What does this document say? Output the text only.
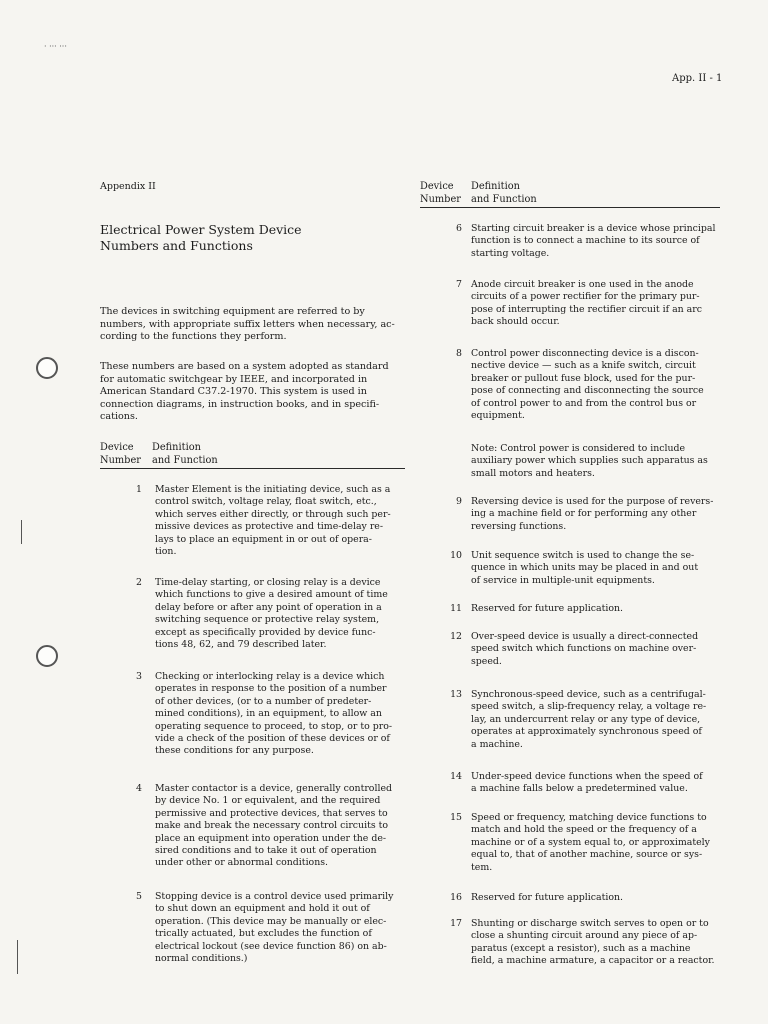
· ··· ···
App. II - 1
Appendix II
Electrical Power System Device
Numbers and Functions
The devices in switching equipment are referred to by
numbers, with appropriate suffix letters when necessary, ac-
cording to the functions they perform.
These numbers are based on a system adopted as standard
for automatic switchgear by IEEE, and incorporated in
American Standard C37.2-1970. This system is used in
connection diagrams, in instruction books, and in specifi-
cations.
Device Definition
Number and Function
Device Definition
Number and Function
1 Master Element is the initiating device, such as a
control switch, voltage relay, float switch, etc.,
which serves either directly, or through such per-
missive devices as protective and time-delay re-
lays to place an equipment in or out of opera-
tion.
2 Time-delay starting, or closing relay is a device
which functions to give a desired amount of time
delay before or after any point of operation in a
switching sequence or protective relay system,
except as specifically provided by device func-
tions 48, 62, and 79 described later.
3 Checking or interlocking relay is a device which
operates in response to the position of a number
of other devices, (or to a number of predeter-
mined conditions), in an equipment, to allow an
operating sequence to proceed, to stop, or to pro-
vide a check of the position of these devices or of
these conditions for any purpose.
4 Master contactor is a device, generally controlled
by device No. 1 or equivalent, and the required
permissive and protective devices, that serves to
make and break the necessary control circuits to
place an equipment into operation under the de-
sired conditions and to take it out of operation
under other or abnormal conditions.
5 Stopping device is a control device used primarily
to shut down an equipment and hold it out of
operation. (This device may be manually or elec-
trically actuated, but excludes the function of
electrical lockout (see device function 86) on ab-
normal conditions.)
6 Starting circuit breaker is a device whose principal
function is to connect a machine to its source of
starting voltage.
7 Anode circuit breaker is one used in the anode
circuits of a power rectifier for the primary pur-
pose of interrupting the rectifier circuit if an arc
back should occur.
8 Control power disconnecting device is a discon-
nective device — such as a knife switch, circuit
breaker or pullout fuse block, used for the pur-
pose of connecting and disconnecting the source
of control power to and from the control bus or
equipment.
Note: Control power is considered to include
auxiliary power which supplies such apparatus as
small motors and heaters.
9 Reversing device is used for the purpose of revers-
ing a machine field or for performing any other
reversing functions.
10 Unit sequence switch is used to change the se-
quence in which units may be placed in and out
of service in multiple-unit equipments.
11 Reserved for future application.
12 Over-speed device is usually a direct-connected
speed switch which functions on machine over-
speed.
13 Synchronous-speed device, such as a centrifugal-
speed switch, a slip-frequency relay, a voltage re-
lay, an undercurrent relay or any type of device,
operates at approximately synchronous speed of
a machine.
14 Under-speed device functions when the speed of
a machine falls below a predetermined value.
15 Speed or frequency, matching device functions to
match and hold the speed or the frequency of a
machine or of a system equal to, or approximately
equal to, that of another machine, source or sys-
tem.
16 Reserved for future application.
17 Shunting or discharge switch serves to open or to
close a shunting circuit around any piece of ap-
paratus (except a resistor), such as a machine
field, a machine armature, a capacitor or a reactor.
